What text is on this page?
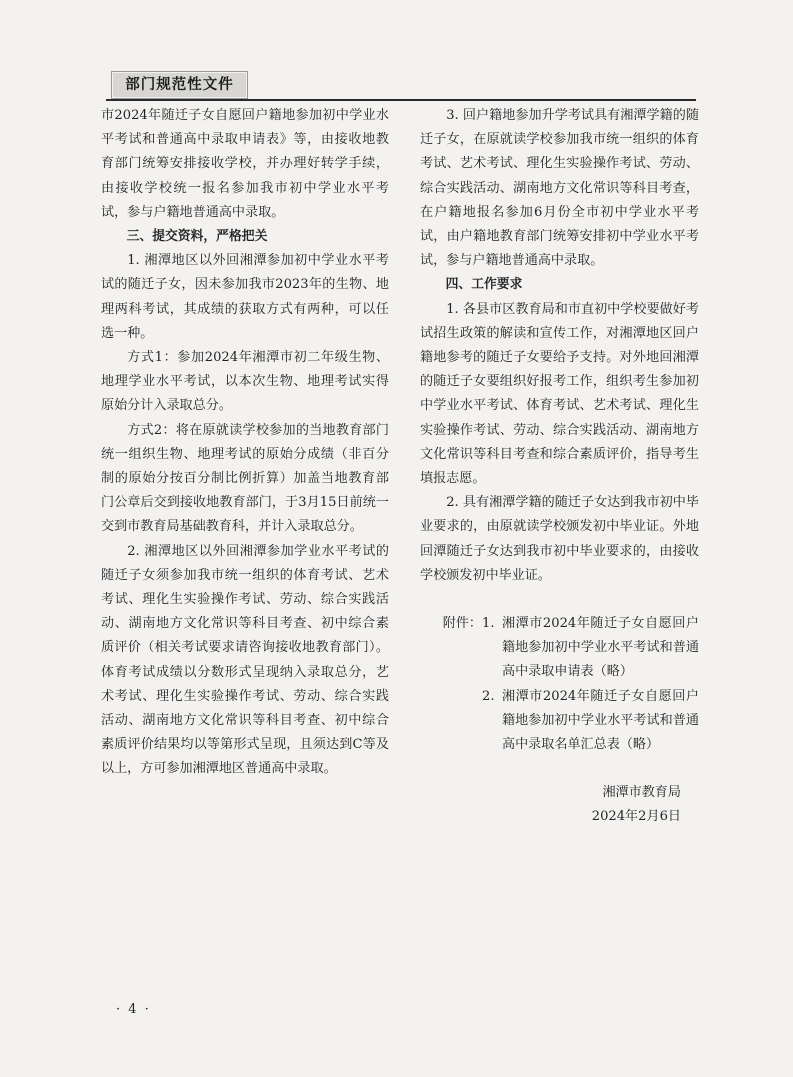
部门规范性文件

市2024年随迁子女自愿回户籍地参加初中学业水平考试和普通高中录取申请表》等，由接收地教育部门统筹安排接收学校，并办理好转学手续，由接收学校统一报名参加我市初中学业水平考试，参与户籍地普通高中录取。

三、提交资料，严格把关

1. 湘潭地区以外回湘潭参加初中学业水平考试的随迁子女，因未参加我市2023年的生物、地理两科考试，其成绩的获取方式有两种，可以任选一种。

方式1：参加2024年湘潭市初二年级生物、地理学业水平考试，以本次生物、地理考试实得原始分计入录取总分。

方式2：将在原就读学校参加的当地教育部门统一组织生物、地理考试的原始分成绩（非百分制的原始分按百分制比例折算）加盖当地教育部门公章后交到接收地教育部门，于3月15日前统一交到市教育局基础教育科，并计入录取总分。

2. 湘潭地区以外回湘潭参加学业水平考试的随迁子女须参加我市统一组织的体育考试、艺术考试、理化生实验操作考试、劳动、综合实践活动、湖南地方文化常识等科目考查、初中综合素质评价（相关考试要求请咨询接收地教育部门）。体育考试成绩以分数形式呈现纳入录取总分，艺术考试、理化生实验操作考试、劳动、综合实践活动、湖南地方文化常识等科目考查、初中综合素质评价结果均以等第形式呈现，且须达到C等及以上，方可参加湘潭地区普通高中录取。

3. 回户籍地参加升学考试具有湘潭学籍的随迁子女，在原就读学校参加我市统一组织的体育考试、艺术考试、理化生实验操作考试、劳动、综合实践活动、湖南地方文化常识等科目考查，在户籍地报名参加6月份全市初中学业水平考试，由户籍地教育部门统筹安排初中学业水平考试，参与户籍地普通高中录取。

四、工作要求

1. 各县市区教育局和市直初中学校要做好考试招生政策的解读和宣传工作，对湘潭地区回户籍地参考的随迁子女要给予支持。对外地回湘潭的随迁子女要组织好报考工作，组织考生参加初中学业水平考试、体育考试、艺术考试、理化生实验操作考试、劳动、综合实践活动、湖南地方文化常识等科目考查和综合素质评价，指导考生填报志愿。

2. 具有湘潭学籍的随迁子女达到我市初中毕业要求的，由原就读学校颁发初中毕业证。外地回潭随迁子女达到我市初中毕业要求的，由接收学校颁发初中毕业证。

附件： 1. 湘潭市2024年随迁子女自愿回户籍地参加初中学业水平考试和普通高中录取申请表（略）
2. 湘潭市2024年随迁子女自愿回户籍地参加初中学业水平考试和普通高中录取名单汇总表（略）

湘潭市教育局

2024年2月6日

· 4 ·
